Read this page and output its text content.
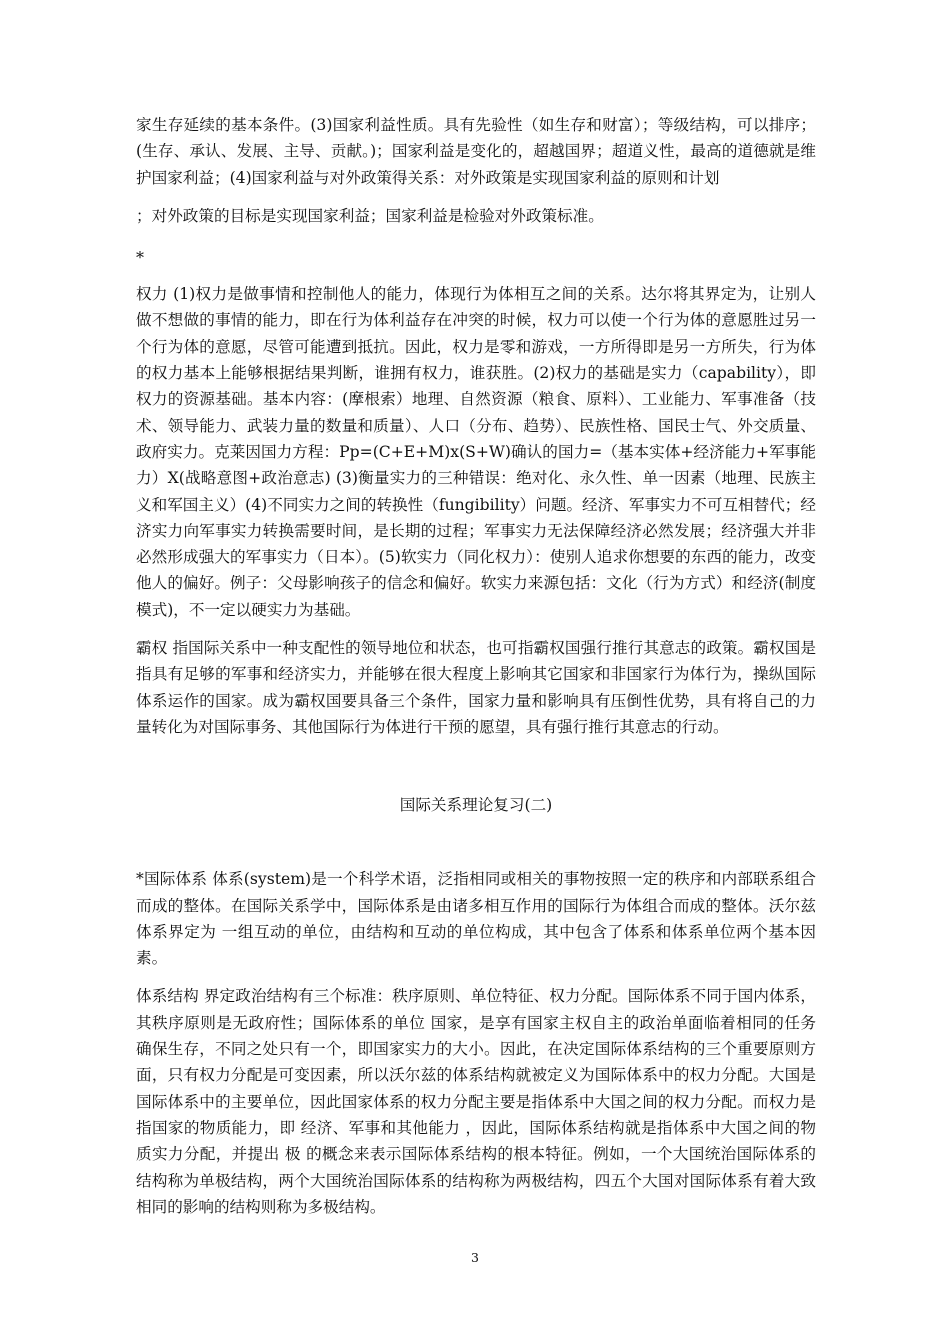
家生存延续的基本条件。(3)国家利益性质。具有先验性（如生存和财富）；等级结构，可以排序；(生存、承认、发展、主导、贡献。)；国家利益是变化的，超越国界；超道义性，最高的道德就是维护国家利益；(4)国家利益与对外政策得关系：对外政策是实现国家利益的原则和计划

；对外政策的目标是实现国家利益；国家利益是检验对外政策标准。

*

权力 (1)权力是做事情和控制他人的能力，体现行为体相互之间的关系。达尔将其界定为，让别人做不想做的事情的能力，即在行为体利益存在冲突的时候，权力可以使一个行为体的意愿胜过另一个行为体的意愿，尽管可能遭到抵抗。因此，权力是零和游戏，一方所得即是另一方所失，行为体的权力基本上能够根据结果判断，谁拥有权力，谁获胜。(2)权力的基础是实力（capability），即权力的资源基础。基本内容：(摩根索）地理、自然资源（粮食、原料）、工业能力、军事准备（技术、领导能力、武装力量的数量和质量）、人口（分布、趋势）、民族性格、国民士气、外交质量、政府实力。克莱因国力方程：Pp=(C+E+M)x(S+W)确认的国力=（基本实体+经济能力+军事能力）X(战略意图+政治意志) (3)衡量实力的三种错误：绝对化、永久性、单一因素（地理、民族主义和军国主义）(4)不同实力之间的转换性（fungibility）问题。经济、军事实力不可互相替代；经济实力向军事实力转换需要时间，是长期的过程；军事实力无法保障经济必然发展；经济强大并非必然形成强大的军事实力（日本）。(5)软实力（同化权力）：使别人追求你想要的东西的能力，改变他人的偏好。例子：父母影响孩子的信念和偏好。软实力来源包括：文化（行为方式）和经济(制度模式)，不一定以硬实力为基础。

霸权 指国际关系中一种支配性的领导地位和状态，也可指霸权国强行推行其意志的政策。霸权国是指具有足够的军事和经济实力，并能够在很大程度上影响其它国家和非国家行为体行为，操纵国际体系运作的国家。成为霸权国要具备三个条件，国家力量和影响具有压倒性优势，具有将自己的力量转化为对国际事务、其他国际行为体进行干预的愿望，具有强行推行其意志的行动。

国际关系理论复习(二)

*国际体系 体系(system)是一个科学术语，泛指相同或相关的事物按照一定的秩序和内部联系组合而成的整体。在国际关系学中，国际体系是由诸多相互作用的国际行为体组合而成的整体。沃尔兹体系界定为 一组互动的单位，由结构和互动的单位构成，其中包含了体系和体系单位两个基本因素。

体系结构 界定政治结构有三个标准：秩序原则、单位特征、权力分配。国际体系不同于国内体系，其秩序原则是无政府性；国际体系的单位 国家，是享有国家主权自主的政治单面临着相同的任务 确保生存，不同之处只有一个，即国家实力的大小。因此，在决定国际体系结构的三个重要原则方面，只有权力分配是可变因素，所以沃尔兹的体系结构就被定义为国际体系中的权力分配。大国是国际体系中的主要单位，因此国家体系的权力分配主要是指体系中大国之间的权力分配。而权力是指国家的物质能力，即 经济、军事和其他能力 ，因此，国际体系结构就是指体系中大国之间的物质实力分配，并提出 极 的概念来表示国际体系结构的根本特征。例如，一个大国统治国际体系的结构称为单极结构，两个大国统治国际体系的结构称为两极结构，四五个大国对国际体系有着大致相同的影响的结构则称为多极结构。

3
